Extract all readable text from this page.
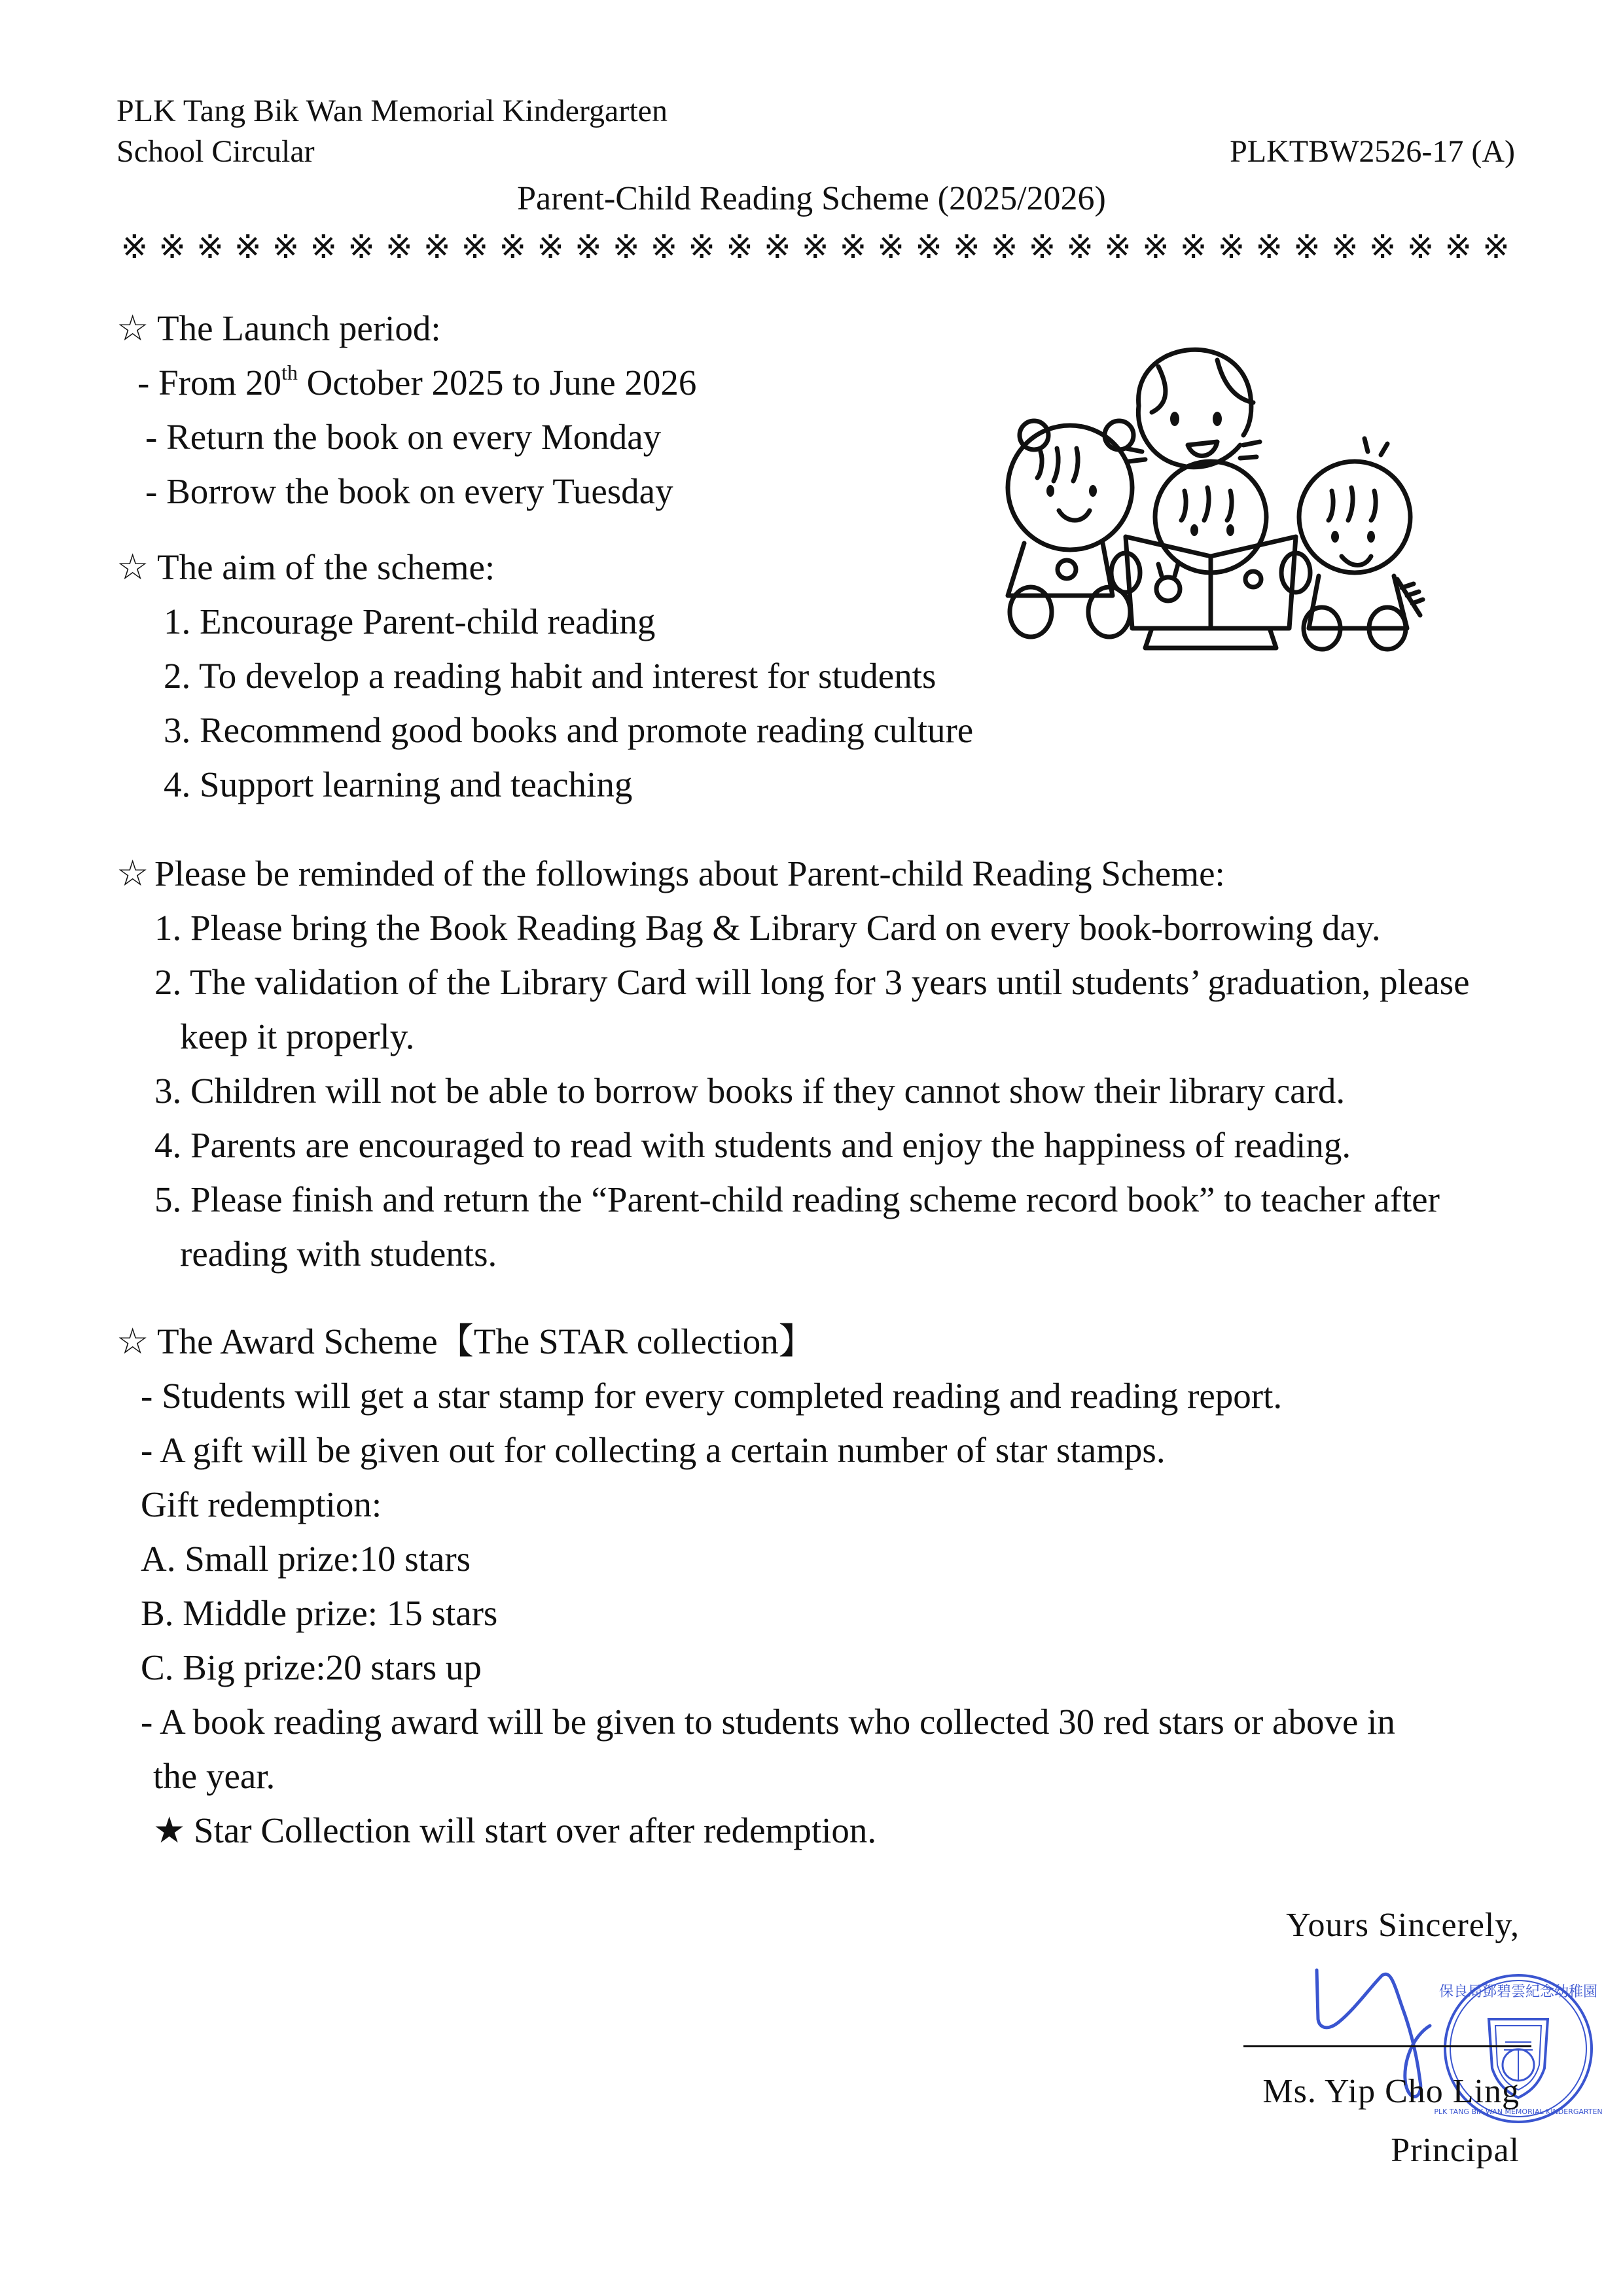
PLK Tang Bik Wan Memorial Kindergarten
School Circular	PLKTBW2526-17 (A)
Parent-Child Reading Scheme (2025/2026)
※ ※ ※ ※ ※ ※ ※ ※ ※ ※ ※ ※ ※ ※ ※ ※ ※ ※ ※ ※ ※ ※ ※ ※ ※ ※ ※ ※ ※ ※ ※ ※ ※ ※ ※ ※ ※
☆ The Launch period:
- From 20th October 2025 to June 2026
- Return the book on every Monday
- Borrow the book on every Tuesday
☆ The aim of the scheme:
1. Encourage Parent-child reading
2. To develop a reading habit and interest for students
3. Recommend good books and promote reading culture
4. Support learning and teaching
☆ Please be reminded of the followings about Parent-child Reading Scheme:
1. Please bring the Book Reading Bag & Library Card on every book-borrowing day.
2. The validation of the Library Card will long for 3 years until students’ graduation, please
keep it properly.
3. Children will not be able to borrow books if they cannot show their library card.
4. Parents are encouraged to read with students and enjoy the happiness of reading.
5. Please finish and return the “Parent-child reading scheme record book” to teacher after
reading with students.
☆ The Award Scheme【The STAR collection】
- Students will get a star stamp for every completed reading and reading report.
- A gift will be given out for collecting a certain number of star stamps.
Gift redemption:
A. Small prize:10 stars
B. Middle prize: 15 stars
C. Big prize:20 stars up
- A book reading award will be given to students who collected 30 red stars or above in
the year.
★ Star Collection will start over after redemption.
Yours Sincerely,
保良局鄧碧雲紀念幼稚園
PLK TANG BIK WAN MEMORIAL KINDERGARTEN
Ms. Yip Cho Ling
Principal
